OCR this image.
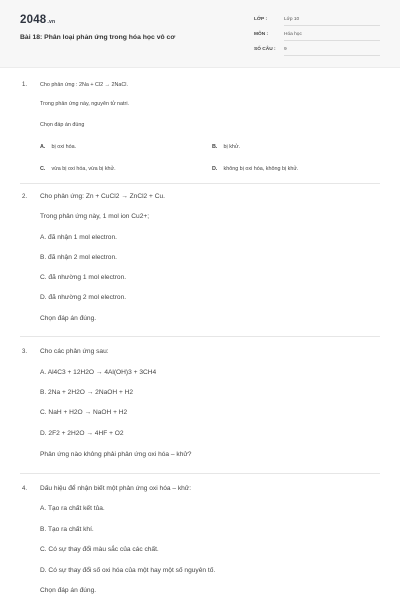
2048.vn
Bài 18: Phân loại phản ứng trong hóa học vô cơ
LỚP :	Lớp 10
MÔN :	Hóa học
SỐ CÂU : 9
1. Cho phản ứng : 2Na + Cl2 → 2NaCl.
Trong phản ứng này, nguyên tử natri.
Chọn đáp án đúng
A. bị oxi hóa.	B. bị khử.
C. vừa bị oxi hóa, vừa bị khử.	D. không bị oxi hóa, không bị khử.
2. Cho phản ứng: Zn + CuCl2 → ZnCl2 + Cu.
Trong phản ứng này, 1 mol ion Cu2+;
A. đã nhận 1 mol electron.
B. đã nhận 2 mol electron.
C. đã nhường 1 mol electron.
D. đã nhường 2 mol electron.
Chọn đáp án đúng.
3. Cho các phản ứng sau:
A. Al4C3 + 12H2O → 4Al(OH)3 + 3CH4
B. 2Na + 2H2O → 2NaOH + H2
C. NaH + H2O → NaOH + H2
D. 2F2 + 2H2O → 4HF + O2
Phản ứng nào không phải phản ứng oxi hóa – khử?
4. Dấu hiệu để nhận biết một phản ứng oxi hóa – khử:
A. Tạo ra chất kết tủa.
B. Tạo ra chất khí.
C. Có sự thay đổi màu sắc của các chất.
D. Có sự thay đổi số oxi hóa của một hay một số nguyên tố.
Chọn đáp án đúng.
